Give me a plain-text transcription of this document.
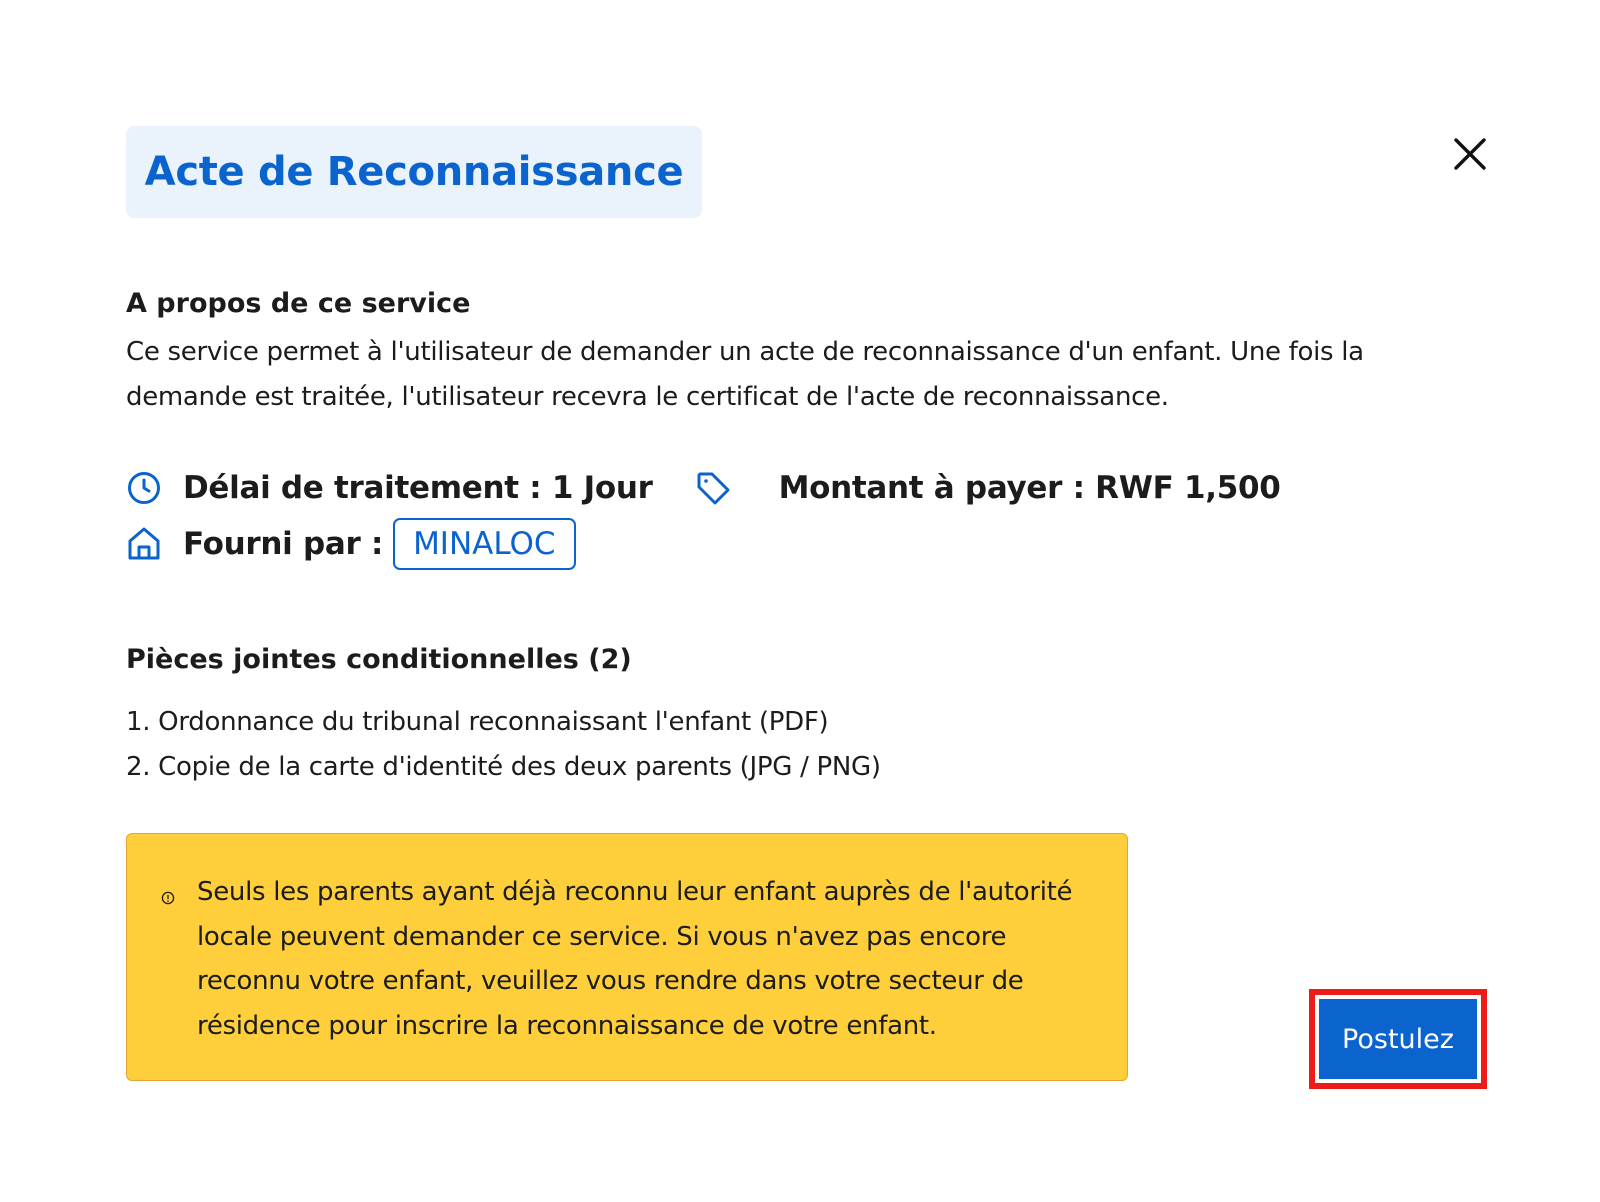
Acte de Reconnaissance
A propos de ce service

Ce service permet à l'utilisateur de demander un acte de reconnaissance d'un enfant. Une fois la demande est traitée, l'utilisateur recevra le certificat de l'acte de reconnaissance.

Délai de traitement : 1 Jour	Montant à payer : RWF 1,500
Fourni par : MINALOC
Pièces jointes conditionnelles (2)
1. Ordonnance du tribunal reconnaissant l'enfant (PDF)
2. Copie de la carte d'identité des deux parents (JPG / PNG)

Seuls les parents ayant déjà reconnu leur enfant auprès de l'autorité locale peuvent demander ce service. Si vous n'avez pas encore reconnu votre enfant, veuillez vous rendre dans votre secteur de résidence pour inscrire la reconnaissance de votre enfant.	Postulez
